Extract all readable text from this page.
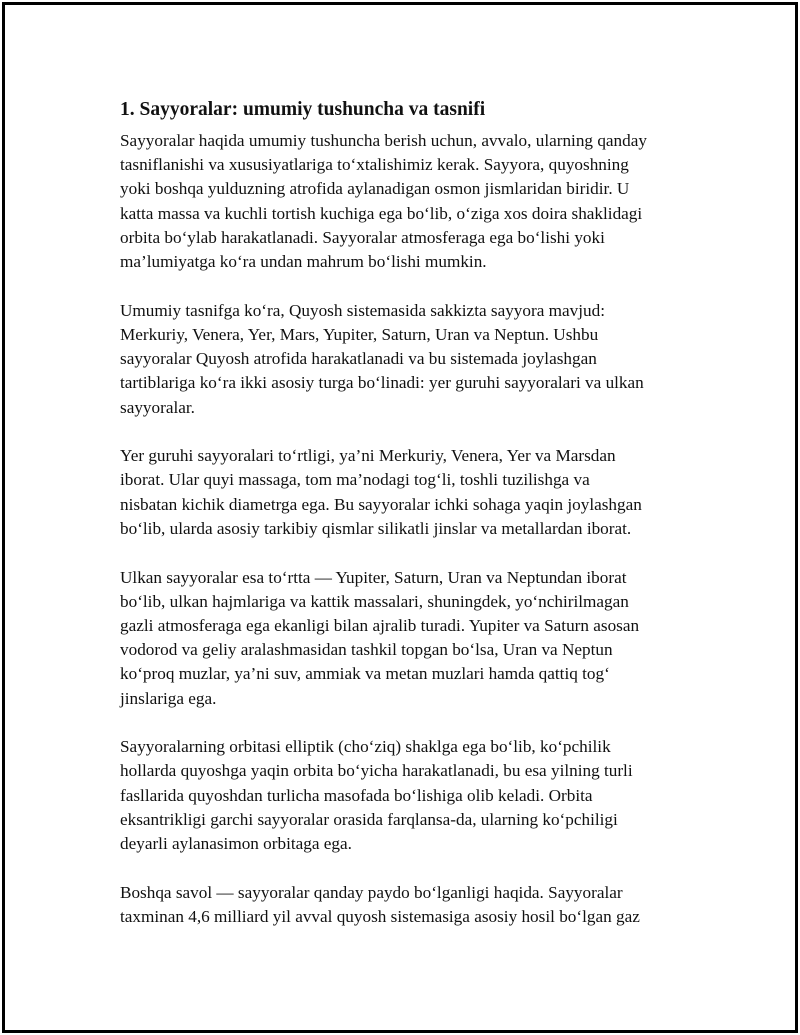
1. Sayyoralar: umumiy tushuncha va tasnifi

Sayyoralar haqida umumiy tushuncha berish uchun, avvalo, ularning qanday
tasniflanishi va xususiyatlariga to‘xtalishimiz kerak. Sayyora, quyoshning
yoki boshqa yulduzning atrofida aylanadigan osmon jismlaridan biridir. U
katta massa va kuchli tortish kuchiga ega bo‘lib, o‘ziga xos doira shaklidagi
orbita bo‘ylab harakatlanadi. Sayyoralar atmosferaga ega bo‘lishi yoki
ma’lumiyatga ko‘ra undan mahrum bo‘lishi mumkin.

Umumiy tasnifga ko‘ra, Quyosh sistemasida sakkizta sayyora mavjud:
Merkuriy, Venera, Yer, Mars, Yupiter, Saturn, Uran va Neptun. Ushbu
sayyoralar Quyosh atrofida harakatlanadi va bu sistemada joylashgan
tartiblariga ko‘ra ikki asosiy turga bo‘linadi: yer guruhi sayyoralari va ulkan
sayyoralar.

Yer guruhi sayyoralari to‘rtligi, ya’ni Merkuriy, Venera, Yer va Marsdan
iborat. Ular quyi massaga, tom ma’nodagi tog‘li, toshli tuzilishga va
nisbatan kichik diametrga ega. Bu sayyoralar ichki sohaga yaqin joylashgan
bo‘lib, ularda asosiy tarkibiy qismlar silikatli jinslar va metallardan iborat.

Ulkan sayyoralar esa to‘rtta — Yupiter, Saturn, Uran va Neptundan iborat
bo‘lib, ulkan hajmlariga va kattik massalari, shuningdek, yo‘nchirilmagan
gazli atmosferaga ega ekanligi bilan ajralib turadi. Yupiter va Saturn asosan
vodorod va geliy aralashmasidan tashkil topgan bo‘lsa, Uran va Neptun
ko‘proq muzlar, ya’ni suv, ammiak va metan muzlari hamda qattiq tog‘
jinslariga ega.

Sayyoralarning orbitasi elliptik (cho‘ziq) shaklga ega bo‘lib, ko‘pchilik
hollarda quyoshga yaqin orbita bo‘yicha harakatlanadi, bu esa yilning turli
fasllarida quyoshdan turlicha masofada bo‘lishiga olib keladi. Orbita
eksantrikligi garchi sayyoralar orasida farqlansa-da, ularning ko‘pchiligi
deyarli aylanasimon orbitaga ega.

Boshqa savol — sayyoralar qanday paydo bo‘lganligi haqida. Sayyoralar
taxminan 4,6 milliard yil avval quyosh sistemasiga asosiy hosil bo‘lgan gaz
